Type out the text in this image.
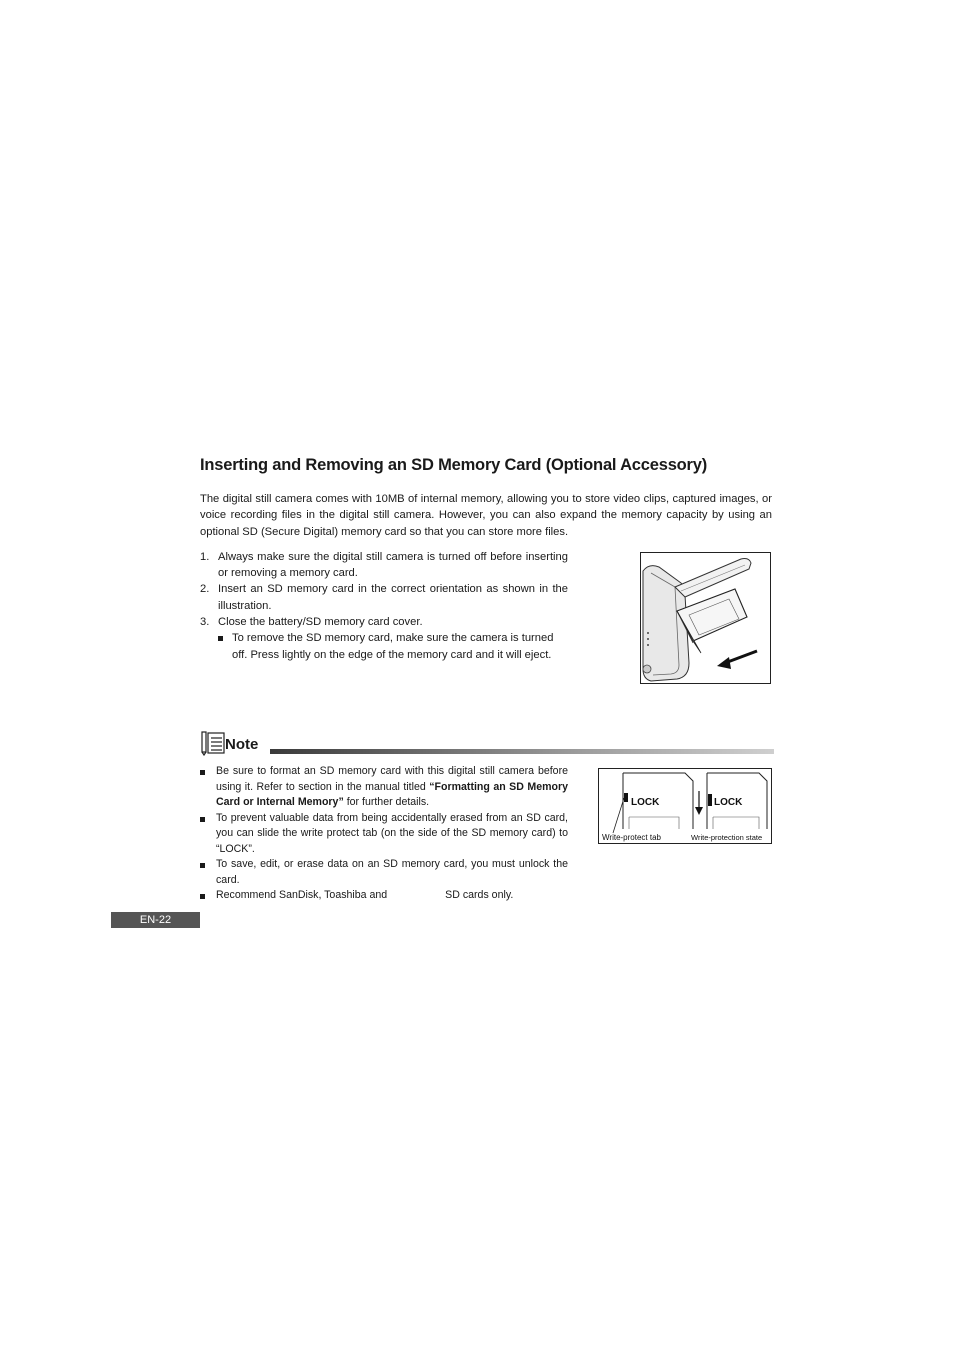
Inserting and Removing an SD Memory Card (Optional Accessory)

The digital still camera comes with 10MB of internal memory, allowing you to store video clips, captured images, or voice recording files in the digital still camera. However, you can also expand the memory capacity by using an optional SD (Secure Digital) memory card so that you can store more files.

1. Always make sure the digital still camera is turned off before inserting or removing a memory card.
2. Insert an SD memory card in the correct orientation as shown in the illustration.
3. Close the battery/SD memory card cover.
To remove the SD memory card, make sure the camera is turned off. Press lightly on the edge of the memory card and it will eject.
Note
Be sure to format an SD memory card with this digital still camera before using it. Refer to section in the manual titled “Formatting an SD Memory Card or Internal Memory” for further details.
To prevent valuable data from being accidentally erased from an SD card, you can slide the write protect tab (on the side of the SD memory card) to “LOCK”.
To save, edit, or erase data on an SD memory card, you must unlock the card.
Recommend SanDisk, Toashiba and	SD cards only.
LOCK
Write-protect tab
LOCK
Write-protection state
EN-22
